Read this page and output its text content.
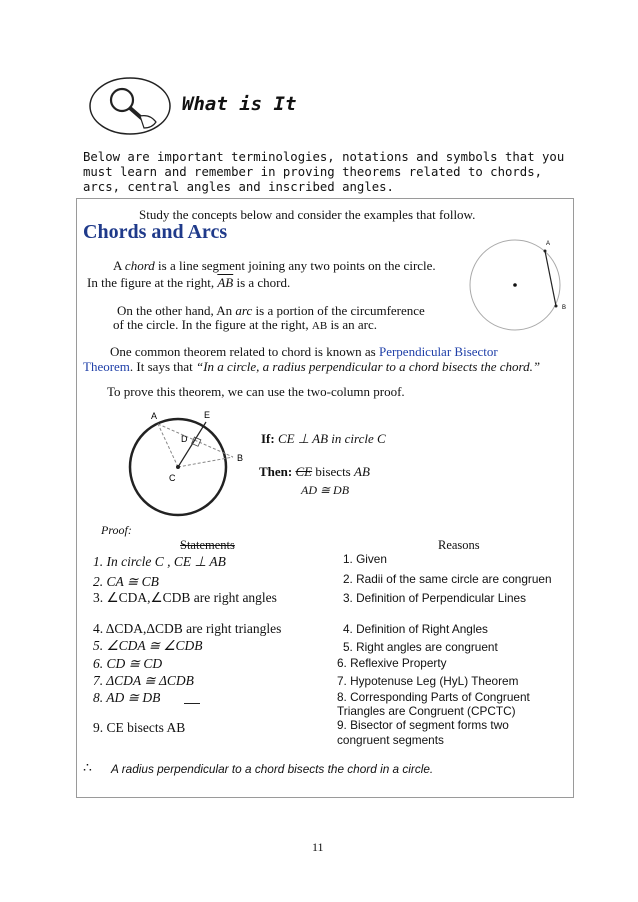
What is It
Below are important terminologies, notations and symbols that you must learn and remember in proving theorems related to chords, arcs, central angles and inscribed angles.
Study the concepts below and consider the examples that follow.
Chords and Arcs
A chord is a line segment joining any two points on the circle.
In the figure at the right, $\overline{AB}$ is a chord.
On the other hand, An arc is a portion of the circumference
of the circle. In the figure at the right, AB is an arc.
A
B
One common theorem related to chord is known as Perpendicular Bisector
Theorem. It says that “In a circle, a radius perpendicular to a chord bisects the chord.”
To prove this theorem, we can use the two-column proof.
A	E
D
B
C
If: CE ⊥ AB in circle C
Then: CE bisects AB
AD ≅ DB
Proof:
Statements	Reasons
1. In circle C , CE ⊥ AB
2. CA ≅ CB
3. ∠CDA,∠CDB are right angles
4. ΔCDA,ΔCDB are right triangles
5. ∠CDA ≅ ∠CDB
6. CD ≅ CD
7. ΔCDA ≅ ΔCDB
8. AD ≅ DB
9. CE bisects AB
1. Given
2. Radii of the same circle are congruen
3. Definition of Perpendicular Lines
4. Definition of Right Angles
5. Right angles are congruent
6. Reflexive Property
7. Hypotenuse Leg (HyL) Theorem
8. Corresponding Parts of Congruent
Triangles are Congruent (CPCTC)
9. Bisector of segment forms two
congruent segments
∴ A radius perpendicular to a chord bisects the chord in a circle.
11
